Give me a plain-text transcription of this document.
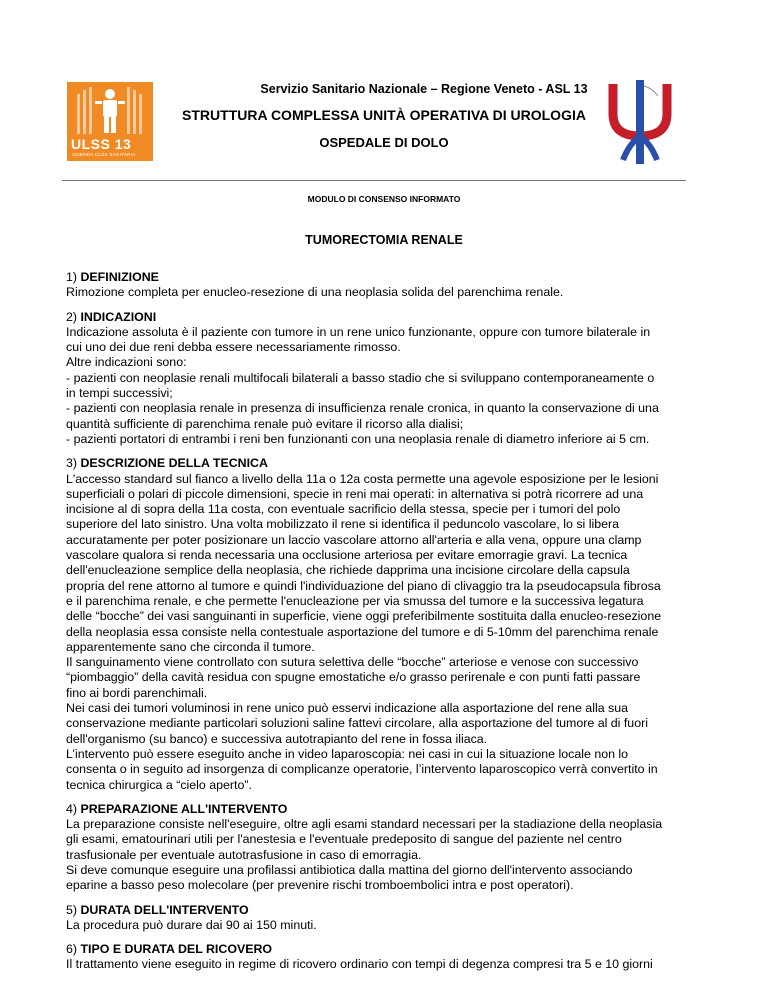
ULSS 13
AZIENDA ULSS SANITARIA
Servizio Sanitario Nazionale – Regione Veneto - ASL 13
STRUTTURA COMPLESSA UNITÀ OPERATIVA DI UROLOGIA
OSPEDALE DI DOLO
MODULO DI CONSENSO INFORMATO
TUMORECTOMIA RENALE
1) DEFINIZIONE
Rimozione completa per enucleo-resezione di una neoplasia solida del parenchima renale.
2) INDICAZIONI
Indicazione assoluta è il paziente con tumore in un rene unico funzionante, oppure con tumore bilaterale in
cui uno dei due reni debba essere necessariamente rimosso.
Altre indicazioni sono:
- pazienti con neoplasie renali multifocali bilaterali a basso stadio che si sviluppano contemporaneamente o
in tempi successivi;
- pazienti con neoplasia renale in presenza di insufficienza renale cronica, in quanto la conservazione di una
quantità sufficiente di parenchima renale può evitare il ricorso alla dialisi;
- pazienti portatori di entrambi i reni ben funzionanti con una neoplasia renale di diametro inferiore ai 5 cm.
3) DESCRIZIONE DELLA TECNICA
L'accesso standard sul fianco a livello della 11a o 12a costa permette una agevole esposizione per le lesioni
superficiali o polari di piccole dimensioni, specie in reni mai operati: in alternativa si potrà ricorrere ad una
incisione al di sopra della 11a costa, con eventuale sacrificio della stessa, specie per i tumori del polo
superiore del lato sinistro. Una volta mobilizzato il rene si identifica il peduncolo vascolare, lo si libera
accuratamente per poter posizionare un laccio vascolare attorno all'arteria e alla vena, oppure una clamp
vascolare qualora si renda necessaria una occlusione arteriosa per evitare emorragie gravi. La tecnica
dell'enucleazione semplice della neoplasia, che richiede dapprima una incisione circolare della capsula
propria del rene attorno al tumore e quindi l'individuazione del piano di clivaggio tra la pseudocapsula fibrosa
e il parenchima renale, e che permette l'enucleazione per via smussa del tumore e la successiva legatura
delle “bocche” dei vasi sanguinanti in superficie, viene oggi preferibilmente sostituita dalla enucleo-resezione
della neoplasia essa consiste nella contestuale asportazione del tumore e di 5-10mm del parenchima renale
apparentemente sano che circonda il tumore.
Il sanguinamento viene controllato con sutura selettiva delle “bocche” arteriose e venose con successivo
“piombaggio” della cavità residua con spugne emostatiche e/o grasso perirenale e con punti fatti passare
fino ai bordi parenchimali.
Nei casi dei tumori voluminosi in rene unico può esservi indicazione alla asportazione del rene alla sua
conservazione mediante particolari soluzioni saline fattevi circolare, alla asportazione del tumore al di fuori
dell'organismo (su banco) e successiva autotrapianto del rene in fossa iliaca.
L’intervento può essere eseguito anche in video laparoscopia: nei casi in cui la situazione locale non lo
consenta o in seguito ad insorgenza di complicanze operatorie, l’intervento laparoscopico verrà convertito in
tecnica chirurgica a “cielo aperto”.
4) PREPARAZIONE ALL'INTERVENTO
La preparazione consiste nell'eseguire, oltre agli esami standard necessari per la stadiazione della neoplasia
gli esami, ematourinari utili per l'anestesia e l'eventuale predeposito di sangue del paziente nel centro
trasfusionale per eventuale autotrasfusione in caso di emorragia.
Si deve comunque eseguire una profilassi antibiotica dalla mattina del giorno dell'intervento associando
eparine a basso peso molecolare (per prevenire rischi tromboembolici intra e post operatori).
5) DURATA DELL'INTERVENTO
La procedura può durare dai 90 ai 150 minuti.
6) TIPO E DURATA DEL RICOVERO
Il trattamento viene eseguito in regime di ricovero ordinario con tempi di degenza compresi tra 5 e 10 giorni
